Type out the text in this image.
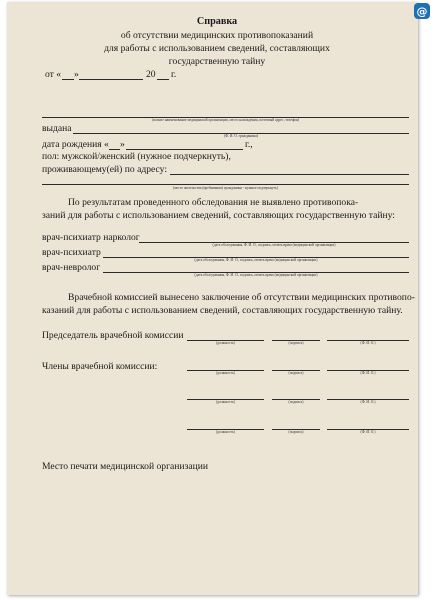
@
Справка
об отсутствии медицинских противопоказаний
для работы с использованием сведений, составляющих
государственную тайну
от « »	20 г.
(полное наименование медицинской организации, место нахождения, почтовый адрес, телефон)
выдана
(Ф. И. О. гражданина)
дата рождения « »	г.,
пол: мужской/женский (нужное подчеркнуть),
проживающему(ей) по адресу:
(место жительства (пребывания) гражданина - нужное подчеркнуть)
По результатам проведенного обследования не выявлено противопока-
заний для работы с использованием сведений, составляющих государственную тайну:
врач-психиатр нарколог
(дата обследования, Ф. И. О., подпись, печать врача (медицинской организации)
врач-психиатр
(дата обследования, Ф. И. О., подпись, печать врача (медицинской организации)
врач-невролог
(дата обследования, Ф. И. О., подпись, печать врача (медицинской организации)
Врачебной комиссией вынесено заключение об отсутствии медицинских противопо-
казаний для работы с использованием сведений, составляющих государственную тайну.
Председатель врачебной комиссии
(должность)	(подпись)	(Ф. И. О.)
Члены врачебной комиссии:
(должность)	(подпись)	(Ф. И. О.)
(должность)	(подпись)	(Ф. И. О.)
(должность)	(подпись)	(Ф. И. О.)
Место печати медицинской организации
